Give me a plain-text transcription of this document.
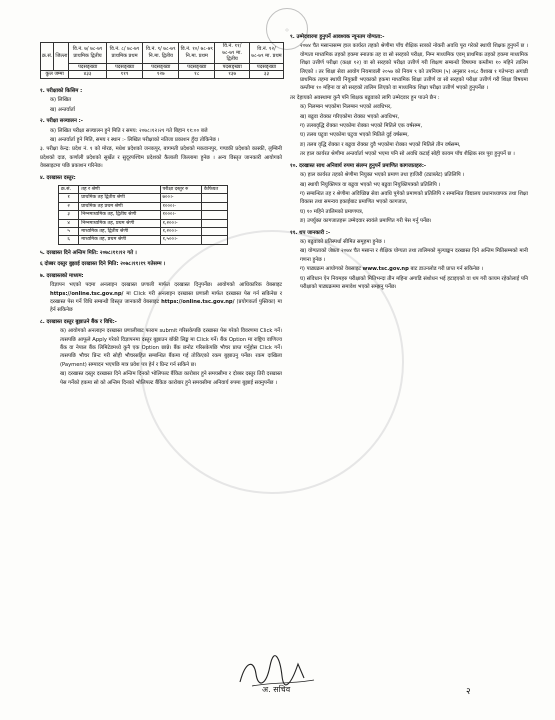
◎
क्र.सं.	जिल्ला	वि.नं. ७/ ७८-७९ प्राथमिक द्वितीय	वि.नं. ८/ ७८-७९ प्राथमिक प्रथम	वि.नं. ९/ ७८-७९ नि.मा. द्वितीय	वि.नं. १०/ ७८-७९ नि.मा. प्रथम	वि.नं. ११/ ७८-७९ मा. द्वितीय	वि.नं. १२/ ७८-७९ मा. प्रथम
		पदसङ्ख्या	पदसङ्ख्या	पदसङ्ख्या	पदसङ्ख्या	पदसङ्ख्या	पदसङ्ख्या
कुल जम्मा		४३३	११९	१२७	१८	१३७	३३
१. परीक्षाको किसिम :
क) लिखित
ख) अन्तर्वार्ता
२. परीक्षा सञ्चालन :-
क) लिखित परीक्षा सञ्चालन हुने मिति र समय: २०७८।१२।२१ गते बिहान ११:०० बजे
ख) अन्तर्वार्ता हुने मिति, समय र स्थान :- लिखित परीक्षाको नतिजा प्रकाशन हुँदा तोकिनेछ ।
३. परीक्षा केन्द्र: प्रदेश नं. १ को मोरङ, मधेश प्रदेशको जनकपुर, बागमती प्रदेशको मकवानपुर, गण्डकी प्रदेशको कास्की, लुम्बिनी प्रदेशको दाङ, कर्णाली प्रदेशको सुर्खेत र सुदूरपश्चिम प्रदेशको कैलाली जिल्लामा हुनेछ । अन्य विस्तृत जानकारी आयोगको वेबसाइटमा पछि प्रकाशन गरिनेछ।
४. दरखास्त दस्तुर:
क्र.सं.	तह र श्रेणी	परीक्षा दस्तुर रु	कैफियत
१	प्राथमिक तह द्वितीय श्रेणी	७००।-	
२	प्राथमिक तह प्रथम श्रेणी	१०००।-	
३	निम्नमाध्यमिक तह, द्वितीय श्रेणी	१०००।-	
४	निम्नमाध्यमिक तह, प्रथम श्रेणी	१,२००।-	
५	माध्यमिक तह, द्वितीय श्रेणी	१,२००।-	
६	माध्यमिक तह, प्रथम श्रेणी	१,५००।-	
५. दरखास्त दिने अन्तिम मिति: २०७८।११।१२ गते ।
६ दोब्बर दस्तुर बुझाई दरखास्त दिने मिति: २०७८।११।१९ गतेसम्म ।
७. दरखास्तको माध्यम:
विज्ञापन भएको पदमा अनलाइन दरखास्त प्रणाली मार्फत दरखास्त दिनुपर्नेछ। आयोगको आधिकारिक वेबसाइट https://online.tsc.gov.np/ मा Click गरी अनलाइन दरखास्त प्रणाली मार्फत दरखास्त पेस गर्न सकिनेछ र दरखास्त पेस गर्ने विधि सम्बन्धी विस्तृत जानकारी वेबसाइट https://online.tsc.gov.np/ (प्रयोगकर्ता पुस्तिका) मा हेर्न सकिनेछ
८. दरखास्त दस्तुर बुझाउने बैंक र विधि:-
क) आयोगको अनलाइन दरखास्त प्रणालीबाट फाराम submit गरिसकेपछि दरखास्त पेस गरेको विवरणमा Click गर्ने। त्यसपछि आफूले Apply गरेको विज्ञापनमा दस्तुर बुझाउन बाँकी लिङ्क मा Click गर्ने। बैंक Option मा राष्ट्रिय वाणिज्य बैंक वा नेपाल बैंक लिमिटेडमध्ये कुनै एक Option छान्ने। बैंक छनोट गरिसकेपछि भौचर प्राप्त गर्नुहोस Click गर्ने। त्यसपछि भौचर प्रिन्ट गरी सोही भौचरसहित सम्बन्धित बैंकमा गई तोकिएको रकम बुझाउनु पर्नेछ। रकम दाखिला (Payment) सम्पादन भएपछि मात्र प्रवेश पत्र हेर्न र प्रिन्ट गर्न सकिने छ।
ख) दरखास्त दस्तुर दरखास्त दिने अन्तिम दिनको भोलिपल्ट बैंकिङ कारोबार हुने समयसीमा र दोब्बर दस्तुर तिरी दरखास्त पेस गर्नेको हकमा सो को अन्तिम दिनको भोलिपल्ट बैंकिङ कारोबार हुने समयसीमा अनिवार्य रुपमा बुझाई सक्नुपर्नेछ ।
९. उम्मेदवारमा हुनुपर्ने आवश्यक न्यूनतम योग्यता:-
२०७४ चैत मसान्तसम्म हाल कार्यरत तहको श्रेणीमा पाँच शैक्षिक सत्रको नोकरी अवधि पूरा गरेको स्थायी शिक्षक हुनुपर्ने छ । योग्यता माध्यमिक तहको हकमा स्नातक तह वा सो सरहको परीक्षा, निम्न माध्यमिक एवम् प्राथमिक तहको हकमा माध्यमिक शिक्षा उत्तीर्ण परीक्षा (कक्षा १२) वा सो सरहको परीक्षा उत्तीर्ण गरी शिक्षण सम्बन्धी विषयमा कम्तीमा १० महिने तालिम लिएको । तर शिक्षा सेवा आयोग नियमावली २०५७ को नियम ९ को उपनियम (५) अनुसार २०६८ वैशाख १ गतेभन्दा अगाडी प्राथमिक तहमा स्थायी नियुक्ती भएकाको हकमा माध्यमिक शिक्षा उत्तीर्ण वा सो सरहको परीक्षा उत्तीर्ण गरी शिक्षा विषयमा कम्तीमा १० महिना वा सो सरहको तालिम लिएको वा माध्यमिक शिक्षा परीक्षा उत्तीर्ण भएको हुनुपर्नेछ ।
तर देहायको अवस्थामा कुनै पनि शिक्षक बढुवाको लागि उम्मेदवार हुन पाउने छैन :
क) निलम्बन भएकोमा निलम्बन भएको अवधिभर,
ख) बढुवा रोक्का गरिएकोमा रोक्का भएको अवधिभर,
ग) तलबवृद्धि रोक्का भएकोमा रोक्का भएको मितिले एक वर्षसम्म,
घ) तलब घटुवा भएकोमा घटुवा भएको मितिले दुई वर्षसम्म,
ङ) तलब वृद्धि रोक्का र बढुवा रोक्का दुवै भएकोमा रोक्का भएको मितिले तीन वर्षसम्म,
तर हाल कार्यरत श्रेणीमा अन्तर्वार्ता भएको भएमा पनि सो अवधि कटाई सोही कायम पाँच शैक्षिक सत्र पूरा हुनुपर्ने छ ।
१०. दरखास्त साथ अनिवार्य रुपमा संलग्न हुनुपर्ने प्रमाणित कागजातहरु:-
क) हाल कार्यरत तहको श्रेणीमा नियुक्त भएको प्रमाण तथा हाजिरी (ट्याब्लेट) प्रतिलिपि ।
ख) स्थायी नियुक्तिपत्र वा बढुवा भएको भए बढुवा नियुक्तिपत्रको प्रतिलिपि ।
ग) सम्बन्धित तह र श्रेणीमा अविच्छिन्न सेवा अवधि पुगेको प्रमाणको प्रतिलिपि र सम्बन्धित विद्यालय प्रधानाध्यापक तथा शिक्षा विकास तथा समन्वय इकाईबाट प्रमाणित भएको कागजात,
घ) १० महिने तालिमको प्रमाणपत्र,
ङ) उपर्युक्त कागजातहरू उम्मेदवार स्वयंले प्रमाणित गरी पेस गर्नु पर्नेछ।
११. थप जानकारी :-
क) बढुवाको प्रतिस्पर्धा सीमित समूहमा हुनेछ ।
ख) योग्यताको जेष्ठता २०७४ चैत मसान्त र शैक्षिक योग्यता तथा तालिमको मूल्याङ्कन दरखास्त दिने अन्तिम मितिसम्मको मानी गणना हुनेछ ।
ग) पाठ्यक्रम आयोगको वेबसाइट www.tsc.gov.np बाट डाउनलोड गरी प्राप्त गर्न सकिनेछ ।
घ) संविधान ऐन नियमहरु परीक्षाको मितिभन्दा तीन महिना अगाडि संशोधन भई हटाइएको वा थप गरी कायम रहेकोलाई पनि परीक्षाको पाठ्यक्रममा समावेश भएको सम्झनु पर्नेछ।
अ. सचिव	२
